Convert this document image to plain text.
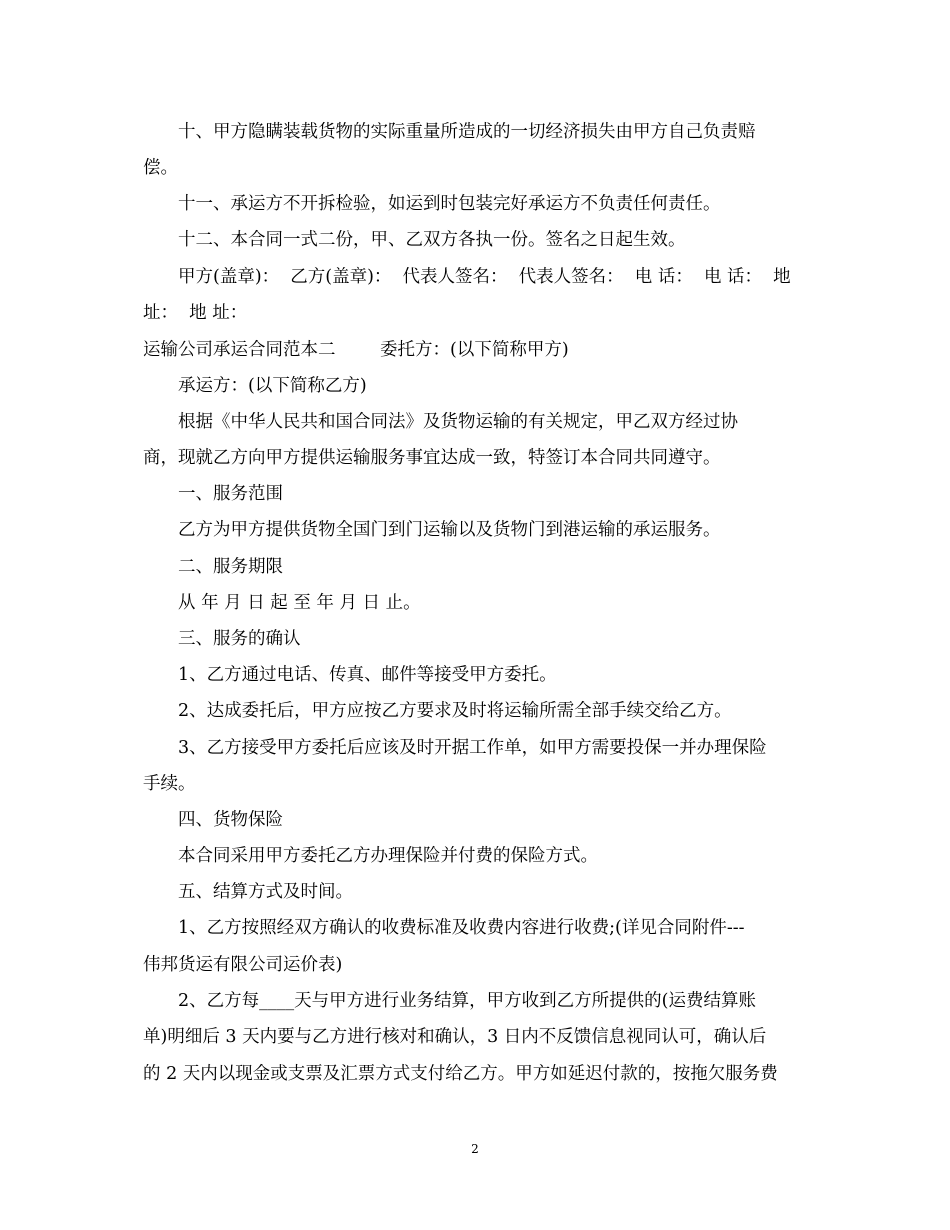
十、甲方隐瞒装载货物的实际重量所造成的一切经济损失由甲方自己负责赔
偿。
十一、承运方不开拆检验，如运到时包装完好承运方不负责任何责任。
十二、本合同一式二份，甲、乙双方各执一份。签名之日起生效。
甲方(盖章)：  乙方(盖章)：  代表人签名：  代表人签名：  电 话：  电 话：  地
址：  地 址：
运输公司承运合同范本二        委托方：(以下简称甲方)
承运方：(以下简称乙方)
根据《中华人民共和国合同法》及货物运输的有关规定，甲乙双方经过协
商，现就乙方向甲方提供运输服务事宜达成一致，特签订本合同共同遵守。
一、服务范围
乙方为甲方提供货物全国门到门运输以及货物门到港运输的承运服务。
二、服务期限
从 年 月 日 起 至 年 月 日 止。
三、服务的确认
1、乙方通过电话、传真、邮件等接受甲方委托。
2、达成委托后，甲方应按乙方要求及时将运输所需全部手续交给乙方。
3、乙方接受甲方委托后应该及时开据工作单，如甲方需要投保一并办理保险
手续。
四、货物保险
本合同采用甲方委托乙方办理保险并付费的保险方式。
五、结算方式及时间。
1、乙方按照经双方确认的收费标准及收费内容进行收费;(详见合同附件---
伟邦货运有限公司运价表)
2、乙方每____天与甲方进行业务结算，甲方收到乙方所提供的(运费结算账
单)明细后 3 天内要与乙方进行核对和确认，3 日内不反馈信息视同认可，确认后
的 2 天内以现金或支票及汇票方式支付给乙方。甲方如延迟付款的，按拖欠服务费
2
